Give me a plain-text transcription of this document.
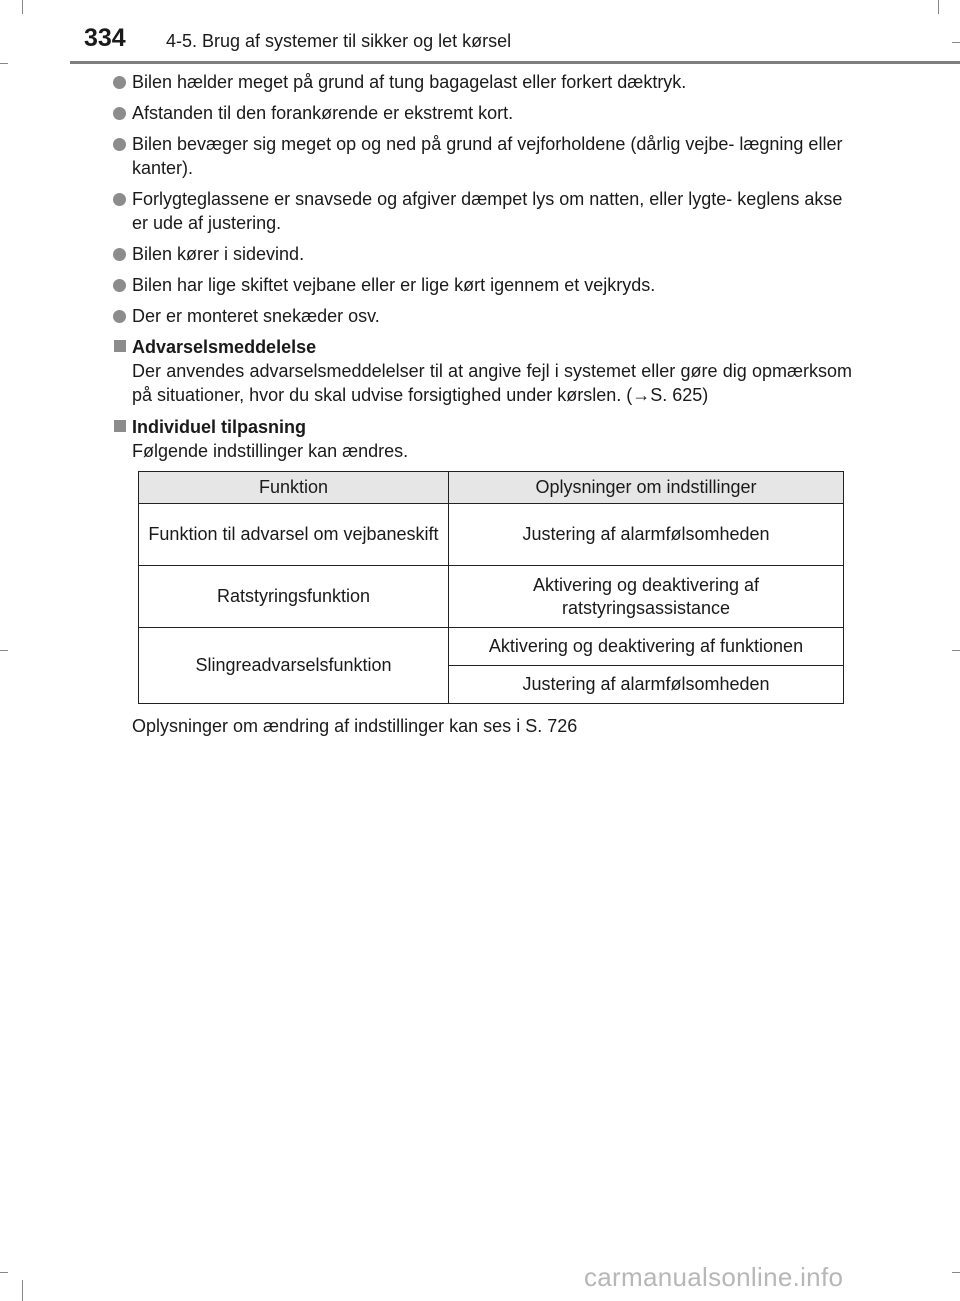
334 4-5. Brug af systemer til sikker og let kørsel
Bilen hælder meget på grund af tung bagagelast eller forkert dæktryk.
Afstanden til den forankørende er ekstremt kort.
Bilen bevæger sig meget op og ned på grund af vejforholdene (dårlig vejbe- lægning eller kanter).
Forlygteglassene er snavsede og afgiver dæmpet lys om natten, eller lygte- keglens akse er ude af justering.
Bilen kører i sidevind.
Bilen har lige skiftet vejbane eller er lige kørt igennem et vejkryds.
Der er monteret snekæder osv.
Advarselsmeddelelse
Der anvendes advarselsmeddelelser til at angive fejl i systemet eller gøre dig opmærksom på situationer, hvor du skal udvise forsigtighed under kørslen. (→S. 625)
Individuel tilpasning
Følgende indstillinger kan ændres.
Funktion	Oplysninger om indstillinger
Funktion til advarsel om vejbaneskift	Justering af alarmfølsomheden
Ratstyringsfunktion	Aktivering og deaktivering af ratstyringsassistance
Slingreadvarselsfunktion	Aktivering og deaktivering af funktionen
	Justering af alarmfølsomheden
Oplysninger om ændring af indstillinger kan ses i S. 726
carmanualsonline.info
